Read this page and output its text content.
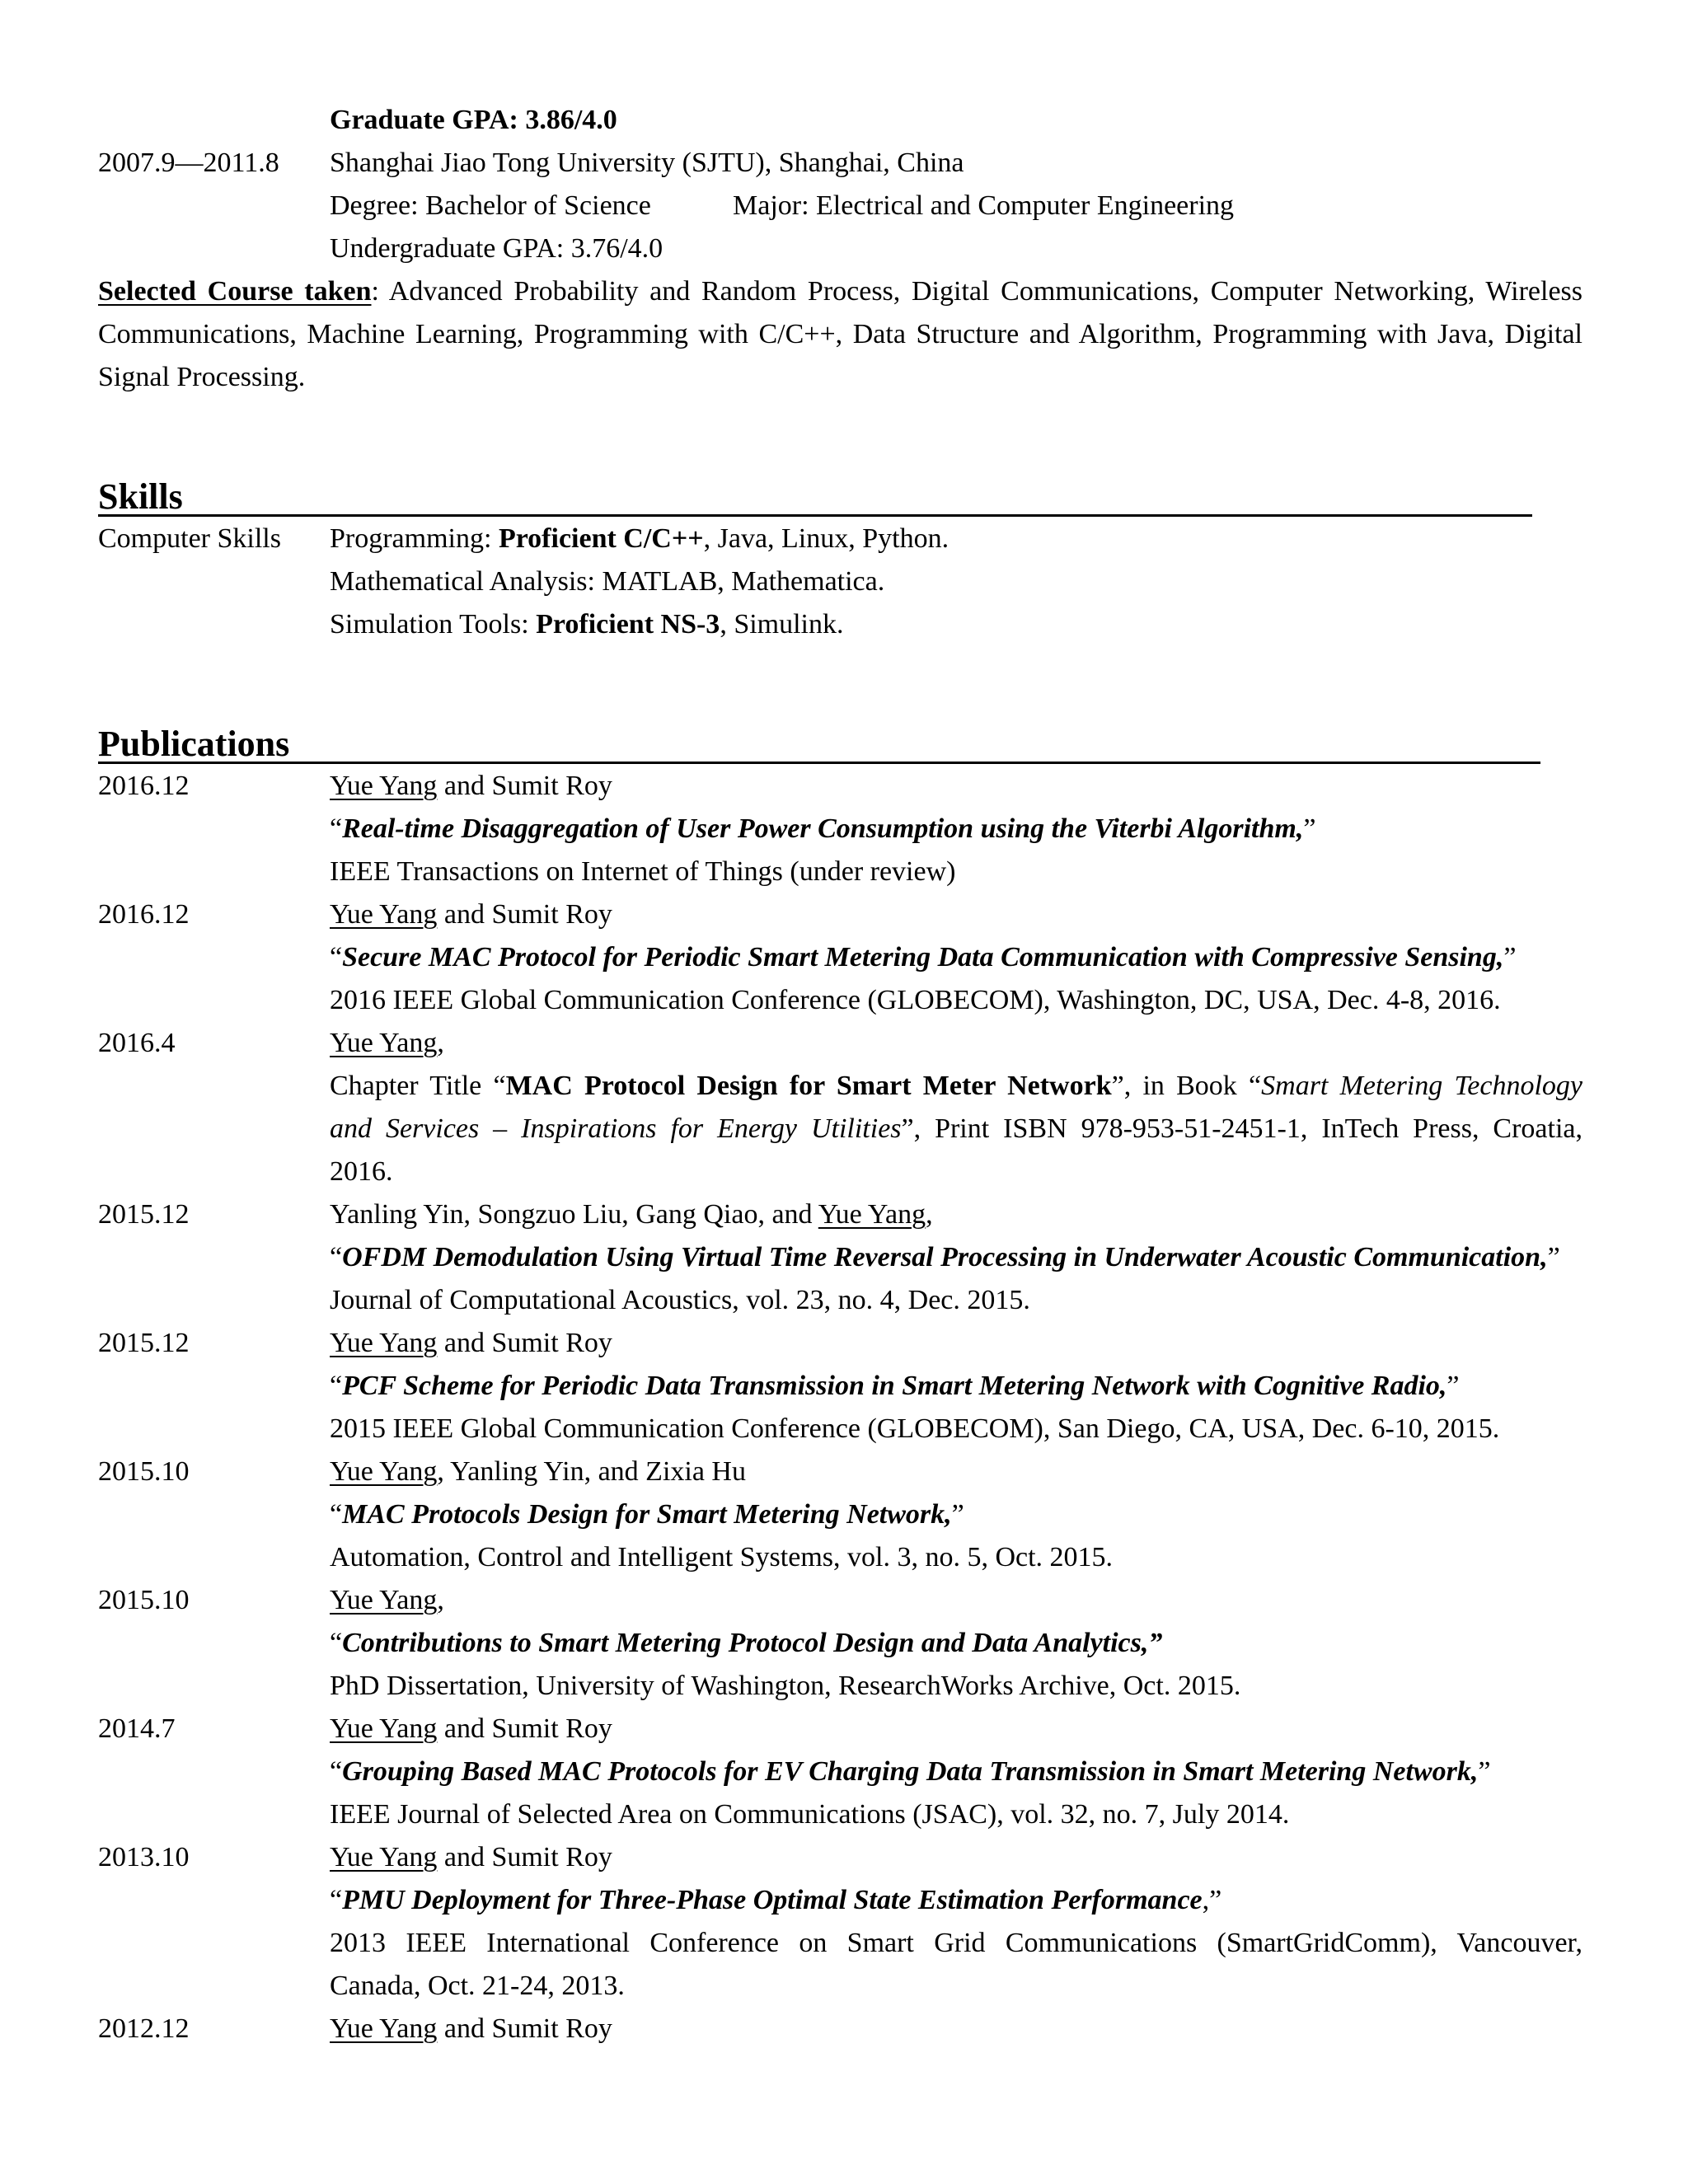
Graduate GPA: 3.86/4.0
2007.9—2011.8 Shanghai Jiao Tong University (SJTU), Shanghai, China
Degree: Bachelor of Science	Major: Electrical and Computer Engineering
Undergraduate GPA: 3.76/4.0
Selected Course taken: Advanced Probability and Random Process, Digital Communications, Computer Networking, Wireless
Communications, Machine Learning, Programming with C/C++, Data Structure and Algorithm, Programming with Java, Digital
Signal Processing.
Skills
Computer Skills Programming: Proficient C/C++, Java, Linux, Python.
Mathematical Analysis: MATLAB, Mathematica.
Simulation Tools: Proficient NS-3, Simulink.
Publications
2016.12	Yue Yang and Sumit Roy
“Real-time Disaggregation of User Power Consumption using the Viterbi Algorithm,”
IEEE Transactions on Internet of Things (under review)
2016.12	Yue Yang and Sumit Roy
“Secure MAC Protocol for Periodic Smart Metering Data Communication with Compressive Sensing,”
2016 IEEE Global Communication Conference (GLOBECOM), Washington, DC, USA, Dec. 4-8, 2016.
2016.4	Yue Yang,
Chapter Title “MAC Protocol Design for Smart Meter Network”, in Book “Smart Metering Technology
and Services – Inspirations for Energy Utilities”, Print ISBN 978-953-51-2451-1, InTech Press, Croatia,
2016.
2015.12	Yanling Yin, Songzuo Liu, Gang Qiao, and Yue Yang,
“OFDM Demodulation Using Virtual Time Reversal Processing in Underwater Acoustic Communication,”
Journal of Computational Acoustics, vol. 23, no. 4, Dec. 2015.
2015.12	Yue Yang and Sumit Roy
“PCF Scheme for Periodic Data Transmission in Smart Metering Network with Cognitive Radio,”
2015 IEEE Global Communication Conference (GLOBECOM), San Diego, CA, USA, Dec. 6-10, 2015.
2015.10	Yue Yang, Yanling Yin, and Zixia Hu
“MAC Protocols Design for Smart Metering Network,”
Automation, Control and Intelligent Systems, vol. 3, no. 5, Oct. 2015.
2015.10	Yue Yang,
“Contributions to Smart Metering Protocol Design and Data Analytics,”
PhD Dissertation, University of Washington, ResearchWorks Archive, Oct. 2015.
2014.7	Yue Yang and Sumit Roy
“Grouping Based MAC Protocols for EV Charging Data Transmission in Smart Metering Network,”
IEEE Journal of Selected Area on Communications (JSAC), vol. 32, no. 7, July 2014.
2013.10	Yue Yang and Sumit Roy
“PMU Deployment for Three-Phase Optimal State Estimation Performance,”
2013 IEEE International Conference on Smart Grid Communications (SmartGridComm), Vancouver,
Canada, Oct. 21-24, 2013.
2012.12	Yue Yang and Sumit Roy
